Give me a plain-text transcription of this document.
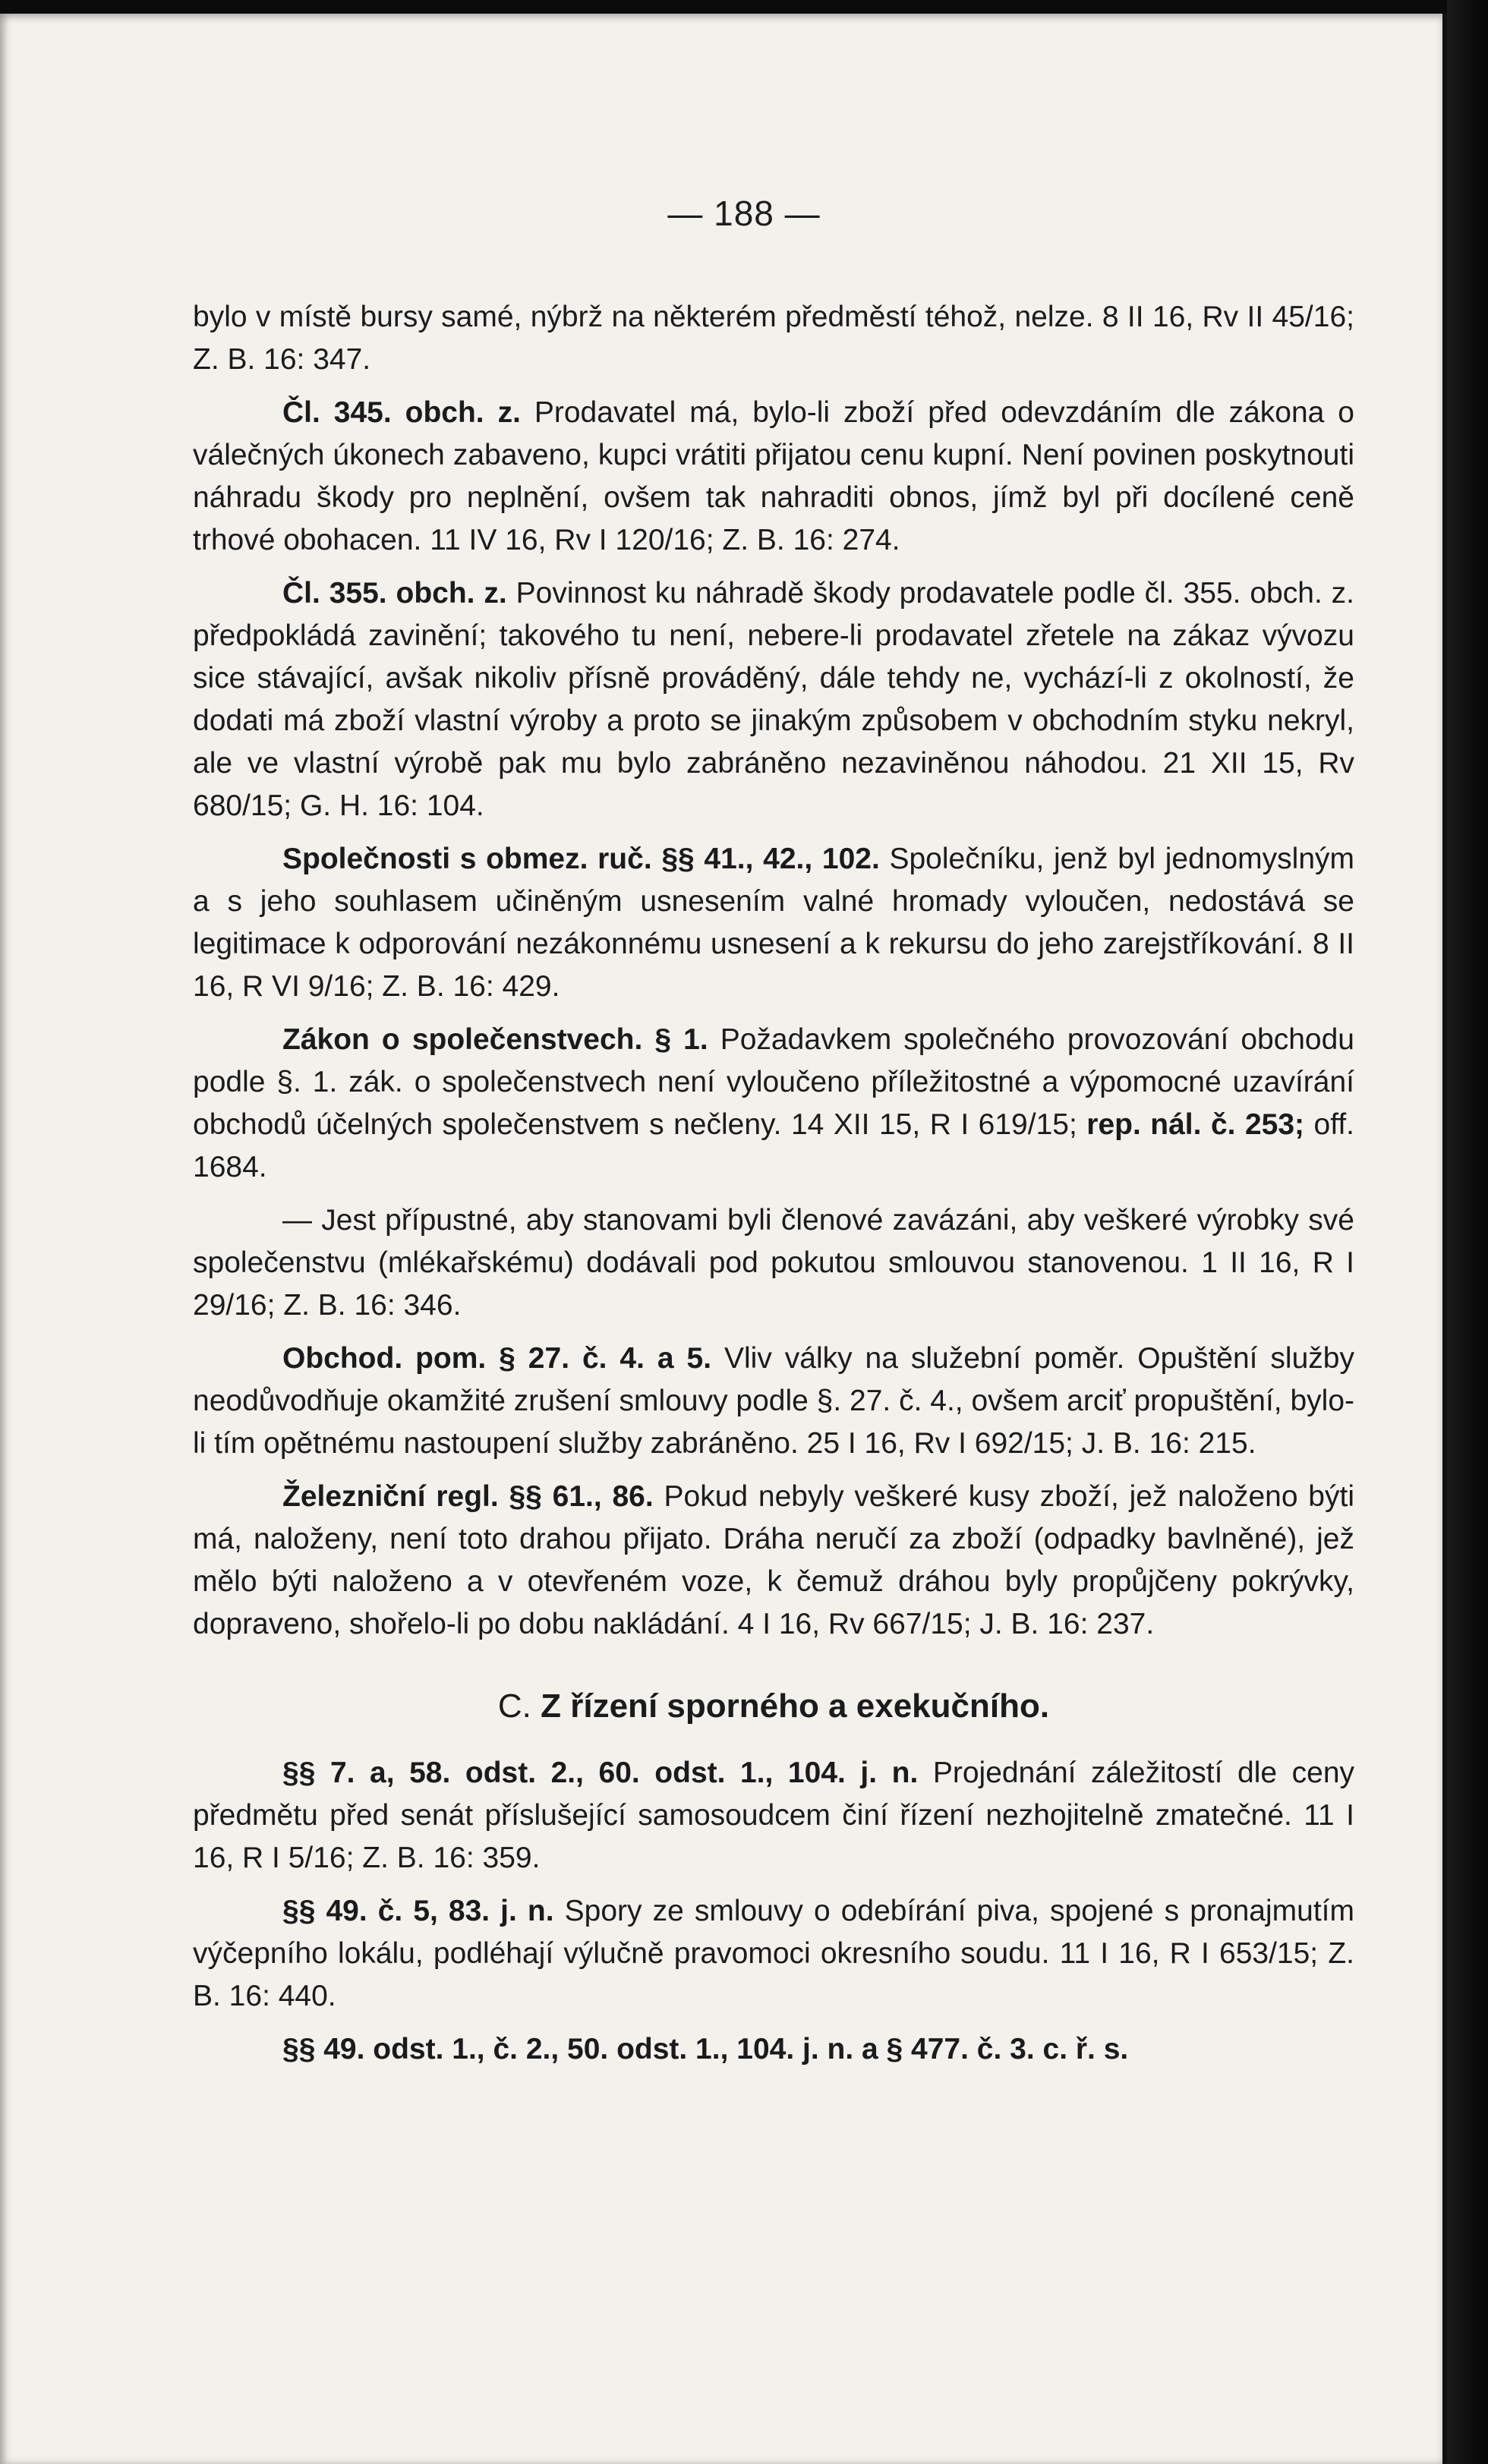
— 188 —

bylo v místě bursy samé, nýbrž na některém předměstí téhož, nelze. 8 II 16, Rv II 45/16; Z. B. 16: 347.

Čl. 345. obch. z. Prodavatel má, bylo-li zboží před odevzdáním dle zákona o válečných úkonech zabaveno, kupci vrátiti přijatou cenu kupní. Není povinen poskytnouti náhradu škody pro neplnění, ovšem tak nahraditi obnos, jímž byl při docílené ceně trhové obohacen. 11 IV 16, Rv I 120/16; Z. B. 16: 274.

Čl. 355. obch. z. Povinnost ku náhradě škody prodavatele podle čl. 355. obch. z. předpokládá zavinění; takového tu není, nebere-li prodavatel zřetele na zákaz vývozu sice stávající, avšak nikoliv přísně prováděný, dále tehdy ne, vychází-li z okolností, že dodati má zboží vlastní výroby a proto se jinakým způsobem v obchodním styku nekryl, ale ve vlastní výrobě pak mu bylo zabráněno nezaviněnou náhodou. 21 XII 15, Rv 680/15; G. H. 16: 104.

Společnosti s obmez. ruč. §§ 41., 42., 102. Společníku, jenž byl jednomyslným a s jeho souhlasem učiněným usnesením valné hromady vyloučen, nedostává se legitimace k odporování nezákonnému usnesení a k rekursu do jeho zarejstříkování. 8 II 16, R VI 9/16; Z. B. 16: 429.

Zákon o společenstvech. § 1. Požadavkem společného provozování obchodu podle §. 1. zák. o společenstvech není vyloučeno příležitostné a výpomocné uzavírání obchodů účelných společenstvem s nečleny. 14 XII 15, R I 619/15; rep. nál. č. 253; off. 1684.

— Jest přípustné, aby stanovami byli členové zavázáni, aby veškeré výrobky své společenstvu (mlékařskému) dodávali pod pokutou smlouvou stanovenou. 1 II 16, R I 29/16; Z. B. 16: 346.

Obchod. pom. § 27. č. 4. a 5. Vliv války na služební poměr. Opuštění služby neodůvodňuje okamžité zrušení smlouvy podle §. 27. č. 4., ovšem arciť propuštění, bylo-li tím opětnému nastoupení služby zabráněno. 25 I 16, Rv I 692/15; J. B. 16: 215.

Železniční regl. §§ 61., 86. Pokud nebyly veškeré kusy zboží, jež naloženo býti má, naloženy, není toto drahou přijato. Dráha neručí za zboží (odpadky bavlněné), jež mělo býti naloženo a v otevřeném voze, k čemuž dráhou byly propůjčeny pokrývky, dopraveno, shořelo-li po dobu nakládání. 4 I 16, Rv 667/15; J. B. 16: 237.

C. Z řízení sporného a exekučního.

§§ 7. a, 58. odst. 2., 60. odst. 1., 104. j. n. Projednání záležitostí dle ceny předmětu před senát příslušející samosoudcem činí řízení nezhojitelně zmatečné. 11 I 16, R I 5/16; Z. B. 16: 359.

§§ 49. č. 5, 83. j. n. Spory ze smlouvy o odebírání piva, spojené s pronajmutím výčepního lokálu, podléhají výlučně pravomoci okresního soudu. 11 I 16, R I 653/15; Z. B. 16: 440.

§§ 49. odst. 1., č. 2., 50. odst. 1., 104. j. n. a § 477. č. 3. c. ř. s.
